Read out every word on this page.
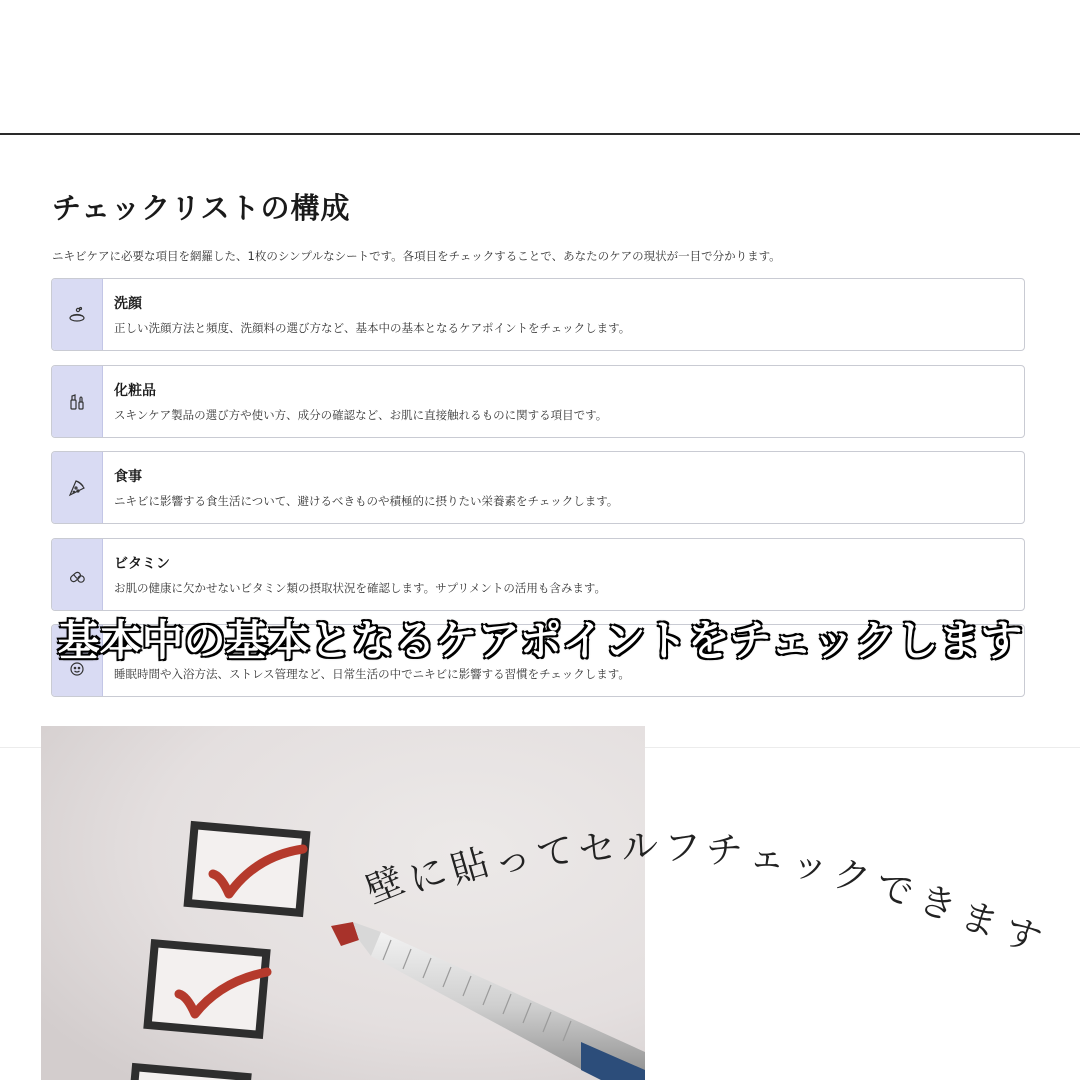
チェックリストの構成
ニキビケアに必要な項目を網羅した、1枚のシンプルなシートです。各項目をチェックすることで、あなたのケアの現状が一目で分かります。
洗顔
正しい洗顔方法と頻度、洗顔料の選び方など、基本中の基本となるケアポイントをチェックします。
化粧品
スキンケア製品の選び方や使い方、成分の確認など、お肌に直接触れるものに関する項目です。
食事
ニキビに影響する食生活について、避けるべきものや積極的に摂りたい栄養素をチェックします。
ビタミン
お肌の健康に欠かせないビタミン類の摂取状況を確認します。サプリメントの活用も含みます。
睡眠時間や入浴方法、ストレス管理など、日常生活の中でニキビに影響する習慣をチェックします。
基本中の基本となるケアポイントをチェックします
壁
に
貼
っ
て セ ル フ チ ェ ッ ク
で
き
ま
す
